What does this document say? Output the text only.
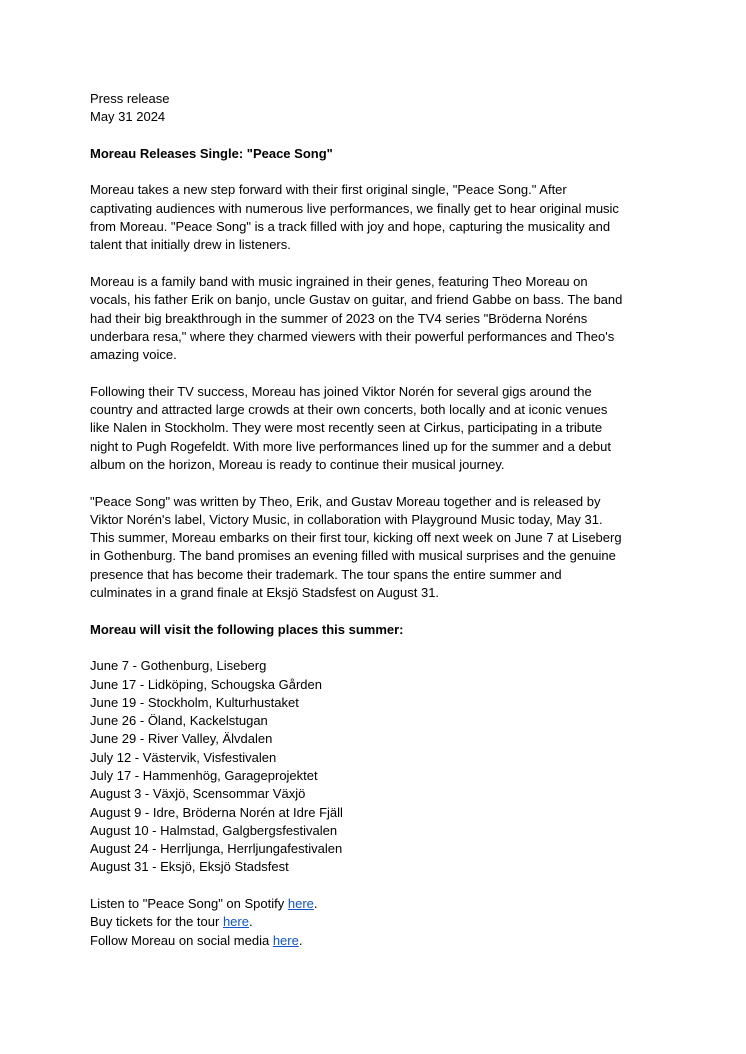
Press release
May 31 2024
Moreau Releases Single: "Peace Song"
Moreau takes a new step forward with their first original single, "Peace Song." After
captivating audiences with numerous live performances, we finally get to hear original music
from Moreau. "Peace Song" is a track filled with joy and hope, capturing the musicality and
talent that initially drew in listeners.
Moreau is a family band with music ingrained in their genes, featuring Theo Moreau on
vocals, his father Erik on banjo, uncle Gustav on guitar, and friend Gabbe on bass. The band
had their big breakthrough in the summer of 2023 on the TV4 series "Bröderna Noréns
underbara resa," where they charmed viewers with their powerful performances and Theo's
amazing voice.
Following their TV success, Moreau has joined Viktor Norén for several gigs around the
country and attracted large crowds at their own concerts, both locally and at iconic venues
like Nalen in Stockholm. They were most recently seen at Cirkus, participating in a tribute
night to Pugh Rogefeldt. With more live performances lined up for the summer and a debut
album on the horizon, Moreau is ready to continue their musical journey.
"Peace Song" was written by Theo, Erik, and Gustav Moreau together and is released by
Viktor Norén's label, Victory Music, in collaboration with Playground Music today, May 31.
This summer, Moreau embarks on their first tour, kicking off next week on June 7 at Liseberg
in Gothenburg. The band promises an evening filled with musical surprises and the genuine
presence that has become their trademark. The tour spans the entire summer and
culminates in a grand finale at Eksjö Stadsfest on August 31.
Moreau will visit the following places this summer:
June 7 - Gothenburg, Liseberg
June 17 - Lidköping, Schougska Gården
June 19 - Stockholm, Kulturhustaket
June 26 - Öland, Kackelstugan
June 29 - River Valley, Älvdalen
July 12 - Västervik, Visfestivalen
July 17 - Hammenhög, Garageprojektet
August 3 - Växjö, Scensommar Växjö
August 9 - Idre, Bröderna Norén at Idre Fjäll
August 10 - Halmstad, Galgbergsfestivalen
August 24 - Herrljunga, Herrljungafestivalen
August 31 - Eksjö, Eksjö Stadsfest
Listen to "Peace Song" on Spotify here.
Buy tickets for the tour here.
Follow Moreau on social media here.
